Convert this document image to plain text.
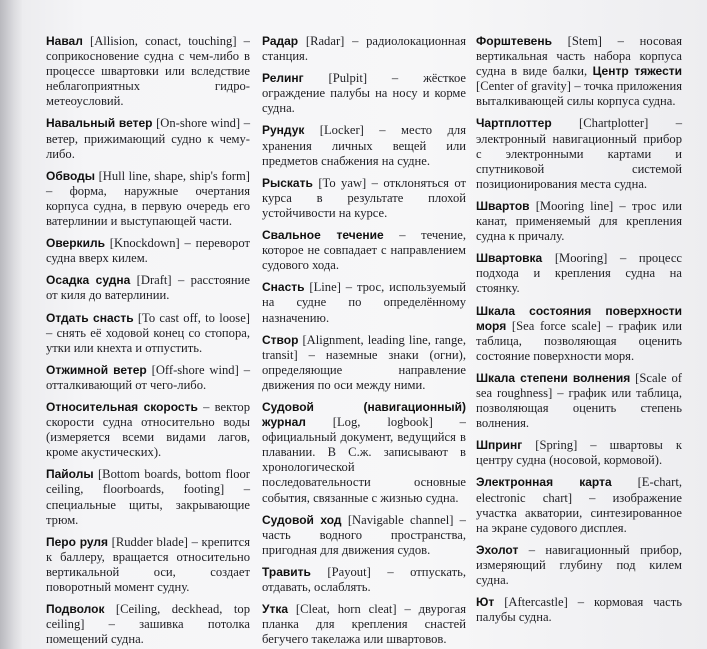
Навал [Allision, conact, touching] – соприкосновение судна с чем-либо в процессе швартовки или вследствие неблагоприятных гидро-метеоусловий.
Навальный ветер [On-shore wind] – ветер, прижимающий судно к чему-либо.
Обводы [Hull line, shape, ship's form] – форма, наружные очертания корпуса судна, в первую очередь его ватерлинии и выступающей части.
Оверкиль [Knockdown] – переворот судна вверх килем.
Осадка судна [Draft] – расстояние от киля до ватерлинии.
Отдать снасть [To cast off, to loose] – снять её ходовой конец со стопора, утки или кнехта и отпустить.
Отжимной ветер [Off-shore wind] – отталкивающий от чего-либо.
Относительная скорость – вектор скорости судна относительно воды (измеряется всеми видами лагов, кроме акустических).
Пайолы [Bottom boards, bottom floor ceiling, floorboards, footing] – специальные щиты, закрывающие трюм.
Перо руля [Rudder blade] – крепится к баллеру, вращается относительно вертикальной оси, создает поворотный момент судну.
Подволок [Ceiling, deckhead, top ceiling] – зашивка потолка помещений судна.
Радар [Radar] – радиолокационная станция.
Релинг [Pulpit] – жёсткое ограждение палубы на носу и корме судна.
Рундук [Locker] – место для хранения личных вещей или предметов снабжения на судне.
Рыскать [To yaw] – отклоняться от курса в результате плохой устойчивости на курсе.
Свальное течение – течение, которое не совпадает с направлением судового хода.
Снасть [Line] – трос, используемый на судне по определённому назначению.
Створ [Alignment, leading line, range, transit] – наземные знаки (огни), определяющие направление движения по оси между ними.
Судовой (навигационный) журнал [Log, logbook] – официальный документ, ведущийся в плавании. В С.ж. записывают в хронологической последовательности основные события, связанные с жизнью судна.
Судовой ход [Navigable channel] – часть водного пространства, пригодная для движения судов.
Травить [Payout] – отпускать, отдавать, ослаблять.
Утка [Cleat, horn cleat] – двурогая планка для крепления снастей бегучего такелажа или швартовов.
Форштевень [Stem] – носовая вертикальная часть набора корпуса судна в виде балки, Центр тяжести [Center of gravity] – точка приложения выталкивающей силы корпуса судна.
Чартплоттер [Chartplotter] – электронный навигационный прибор с электронными картами и спутниковой системой позиционирования места судна.
Швартов [Mooring line] – трос или канат, применяемый для крепления судна к причалу.
Швартовка [Mooring] – процесс подхода и крепления судна на стоянку.
Шкала состояния поверхности моря [Sea force scale] – график или таблица, позволяющая оценить состояние поверхности моря.
Шкала степени волнения [Scale of sea roughness] – график или таблица, позволяющая оценить степень волнения.
Шпринг [Spring] – швартовы к центру судна (носовой, кормовой).
Электронная карта [E-chart, electronic chart] – изображение участка акватории, синтезированное на экране судового дисплея.
Эхолот – навигационный прибор, измеряющий глубину под килем судна.
Ют [Aftercastle] – кормовая часть палубы судна.
